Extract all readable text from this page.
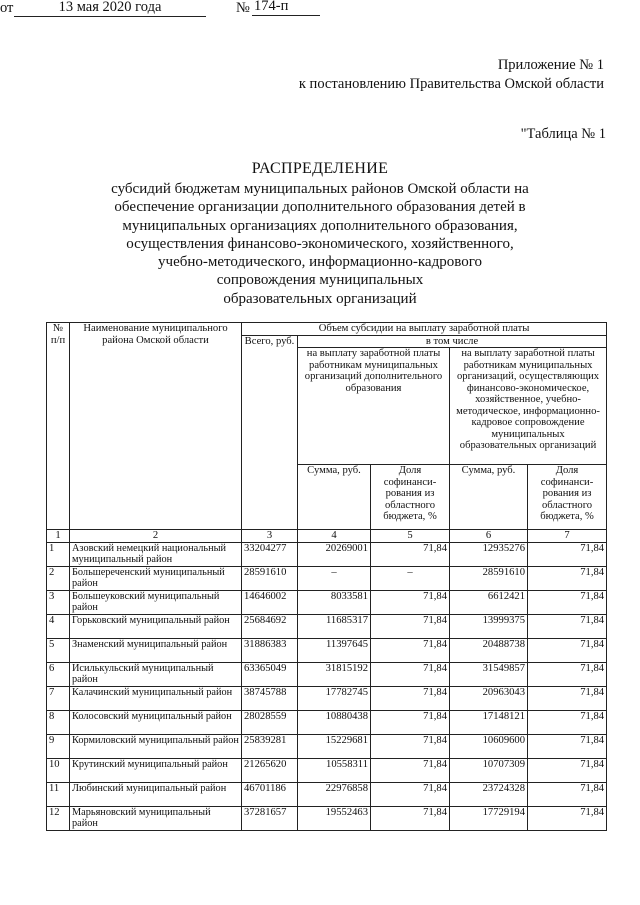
Приложение № 1
к постановлению Правительства Омской области
от	13 мая 2020 года	№ 174-п
"Таблица № 1
РАСПРЕДЕЛЕНИЕ
субсидий бюджетам муниципальных районов Омской области на
обеспечение организации дополнительного образования детей в
муниципальных организациях дополнительного образования,
осуществления финансово-экономического, хозяйственного,
учебно-методического, информационно-кадрового
сопровождения муниципальных
образовательных организаций
№ п/п	Наименование муниципального района Омской области	Объем субсидии на выплату заработной платы				
		Всего, руб.	в том числе			
			на выплату заработной платы работникам муниципальных организаций дополнительного образования		на выплату заработной платы работникам муниципальных организаций, осуществляющих финансово-экономическое, хозяйственное, учебно-методическое, информационно-кадровое сопровождение муниципальных образовательных организаций	
			Сумма, руб.	Доля софинанси-рования из областного бюджета, %	Сумма, руб.	Доля софинанси-рования из областного бюджета, %
1	2	3	4	5	6	7
1	Азовский немецкий национальный муниципальный район	33204277	20269001	71,84	12935276	71,84
2	Большереченский муниципальный район	28591610	–	–	28591610	71,84
3	Большеуковский муниципальный район	14646002	8033581	71,84	6612421	71,84
4	Горьковский муниципальный район	25684692	11685317	71,84	13999375	71,84
5	Знаменский муниципальный район	31886383	11397645	71,84	20488738	71,84
6	Исилькульский муниципальный район	63365049	31815192	71,84	31549857	71,84
7	Калачинский муниципальный район	38745788	17782745	71,84	20963043	71,84
8	Колосовский муниципальный район	28028559	10880438	71,84	17148121	71,84
9	Кормиловский муниципальный район	25839281	15229681	71,84	10609600	71,84
10	Крутинский муниципальный район	21265620	10558311	71,84	10707309	71,84
11	Любинский муниципальный район	46701186	22976858	71,84	23724328	71,84
12	Марьяновский муниципальный район	37281657	19552463	71,84	17729194	71,84
